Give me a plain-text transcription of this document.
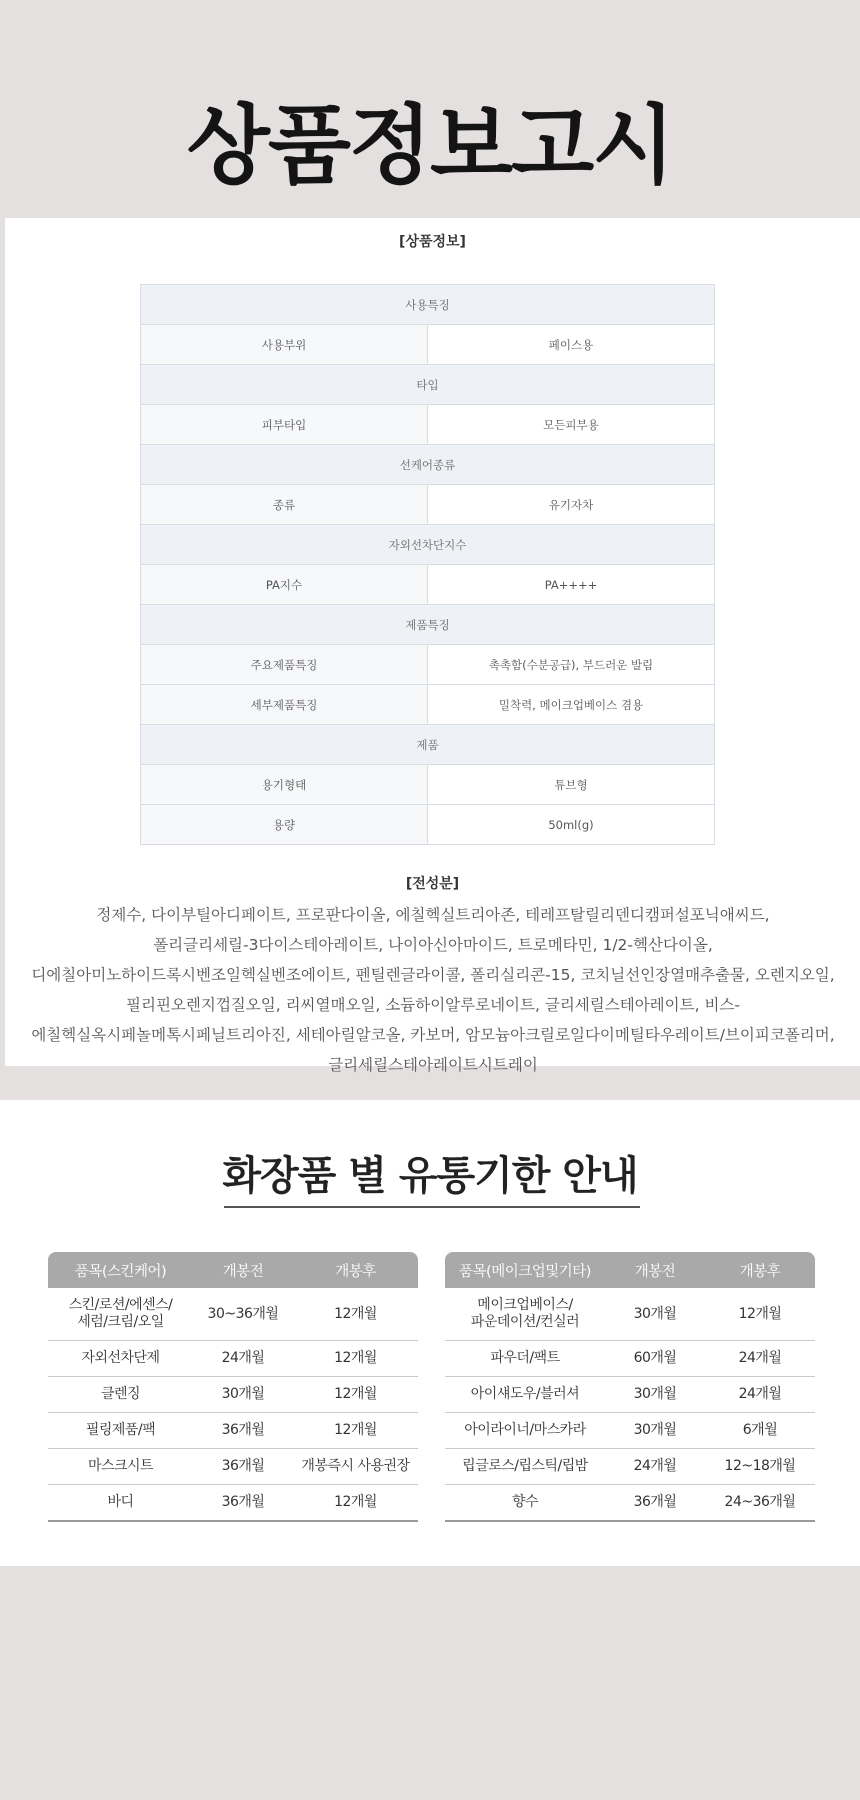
상품정보고시
[상품정보]
사용특징	
사용부위	페이스용
타입	
피부타입	모든피부용
선케어종류	
종류	유기자차
자외선차단지수	
PA지수	PA++++
제품특징	
주요제품특징	촉촉함(수분공급), 부드러운 발림
세부제품특징	밀착력, 메이크업베이스 겸용
제품	
용기형태	튜브형
용량	50ml(g)
[전성분]

정제수, 다이부틸아디페이트, 프로판다이올, 에칠헥실트리아존, 테레프탈릴리덴디캠퍼설포닉애씨드, 폴리글리세릴-3다이스테아레이트, 나이아신아마이드, 트로메타민, 1/2-헥산다이올, 디에칠아미노하이드록시벤조일헥실벤조에이트, 펜틸렌글라이콜, 폴리실리콘-15, 코치닐선인장열매추출물, 오렌지오일, 필리핀오렌지껍질오일, 리씨열매오일, 소듐하이알루로네이트, 글리세릴스테아레이트, 비스-에칠헥실옥시페놀메톡시페닐트리아진, 세테아릴알코올, 카보머, 암모늄아크릴로일다이메틸타우레이트/브이피코폴리머, 글리세릴스테아레이트시트레이

화장품 별 유통기한 안내
품목(스킨케어)	개봉전	개봉후
스킨/로션/에센스/
세럼/크림/오일	30~36개월	12개월
자외선차단제	24개월	12개월
클렌징	30개월	12개월
필링제품/팩	36개월	12개월
마스크시트	36개월	개봉즉시 사용권장
바디	36개월	12개월
품목(메이크업및기타)	개봉전	개봉후
메이크업베이스/
파운데이션/컨실러	30개월	12개월
파우더/팩트	60개월	24개월
아이섀도우/블러셔	30개월	24개월
아이라이너/마스카라	30개월	6개월
립글로스/립스틱/립밤	24개월	12~18개월
향수	36개월	24~36개월
